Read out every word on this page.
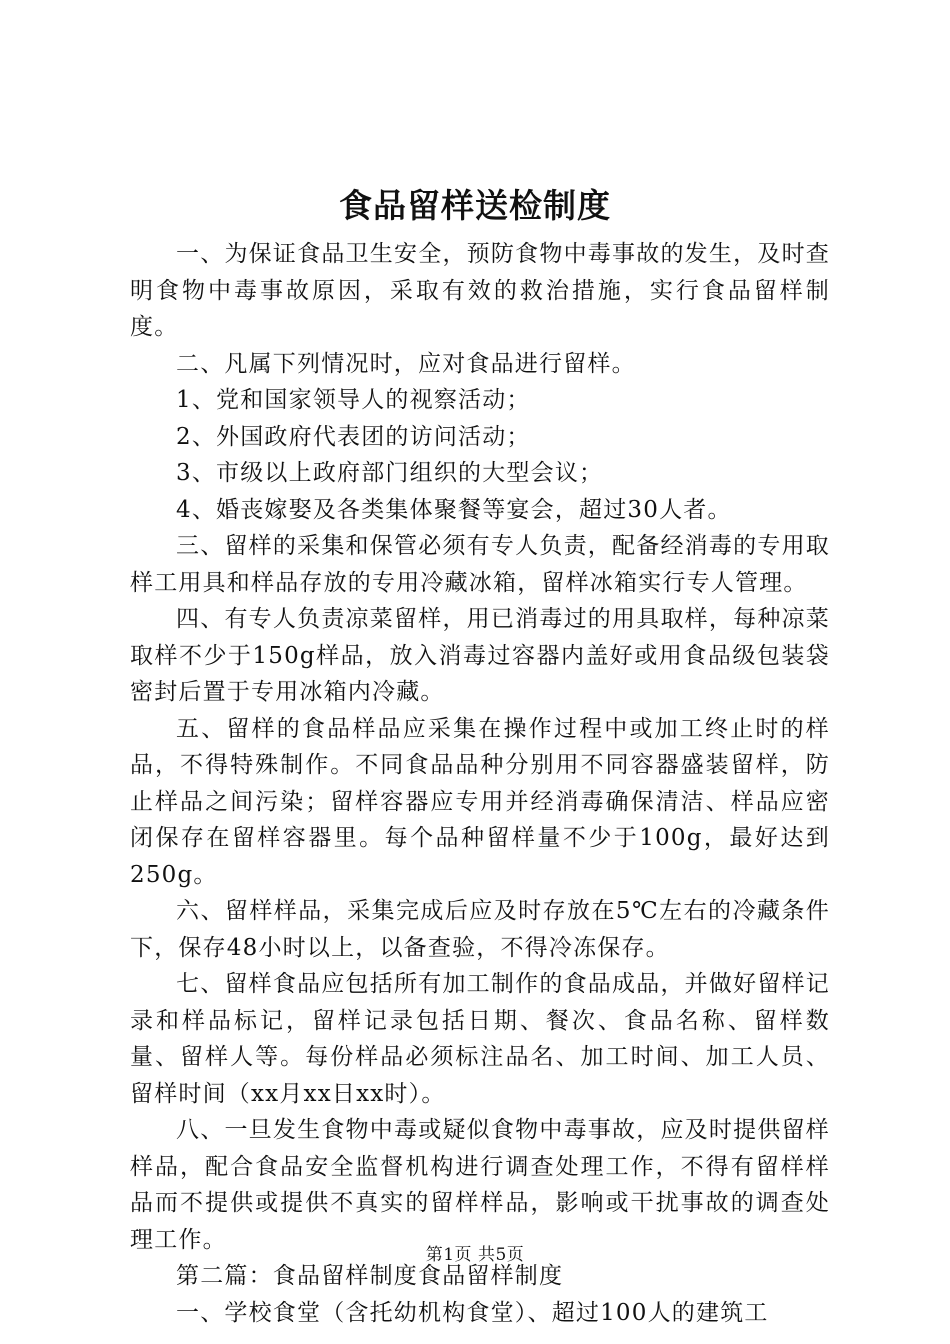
食品留样送检制度

一、为保证食品卫生安全，预防食物中毒事故的发生，及时查明食物中毒事故原因，采取有效的救治措施，实行食品留样制度。

二、凡属下列情况时，应对食品进行留样。

1、党和国家领导人的视察活动；

2、外国政府代表团的访问活动；

3、市级以上政府部门组织的大型会议；

4、婚丧嫁娶及各类集体聚餐等宴会，超过30人者。

三、留样的采集和保管必须有专人负责，配备经消毒的专用取样工用具和样品存放的专用冷藏冰箱，留样冰箱实行专人管理。

四、有专人负责凉菜留样，用已消毒过的用具取样，每种凉菜取样不少于150g样品，放入消毒过容器内盖好或用食品级包装袋密封后置于专用冰箱内冷藏。

五、留样的食品样品应采集在操作过程中或加工终止时的样品，不得特殊制作。不同食品品种分别用不同容器盛装留样，防止样品之间污染；留样容器应专用并经消毒确保清洁、样品应密闭保存在留样容器里。每个品种留样量不少于100g，最好达到250g。

六、留样样品，采集完成后应及时存放在5℃左右的冷藏条件下，保存48小时以上，以备查验，不得冷冻保存。

七、留样食品应包括所有加工制作的食品成品，并做好留样记录和样品标记，留样记录包括日期、餐次、食品名称、留样数量、留样人等。每份样品必须标注品名、加工时间、加工人员、留样时间（xx月xx日xx时）。

八、一旦发生食物中毒或疑似食物中毒事故，应及时提供留样样品，配合食品安全监督机构进行调查处理工作，不得有留样样品而不提供或提供不真实的留样样品，影响或干扰事故的调查处理工作。

第二篇：食品留样制度食品留样制度

一、学校食堂（含托幼机构食堂）、超过100人的建筑工

第1页 共5页
